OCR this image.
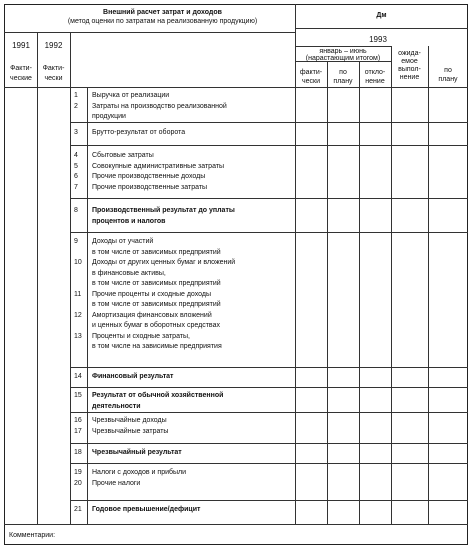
Внешний расчет затрат и доходов
(метод оценки по затратам на реализованную продукцию)
Дм
1991	1992
Факти-
ческие
Факти-
чески
1993
январь – июнь
(нарастающим итогом)
факти-
чески
по
плану
откло-
нение
ожида-
емое
выпол-
нение
по
плану
1 Выручка от реализации
2 Затраты на производство реализованной
продукции
3 Брутто-результат от оборота
4 Сбытовые затраты
5 Совокупные административные затраты
6 Прочие производственные доходы
7 Прочие производственные затраты
8 Производственный результат до уплаты
процентов и налогов
9 Доходы от участий
в том числе от зависимых предприятий
10 Доходы от других ценных бумаг и вложений
в финансовые активы,
в том числе от зависимых предприятий
11 Прочие проценты и сходные доходы
в том числе от зависимых предприятий
12 Амортизация финансовых вложений
и ценных бумаг в оборотных средствах
13 Проценты и сходные затраты,
в том числе на зависимые предприятия
14 Финансовый результат
15 Результат от обычной хозяйственной
деятельности
16 Чрезвычайные доходы
17 Чрезвычайные затраты
18 Чрезвычайный результат
19 Налоги с доходов и прибыли
20 Прочие налоги
21 Годовое превышение/дефицит
Комментарии:
